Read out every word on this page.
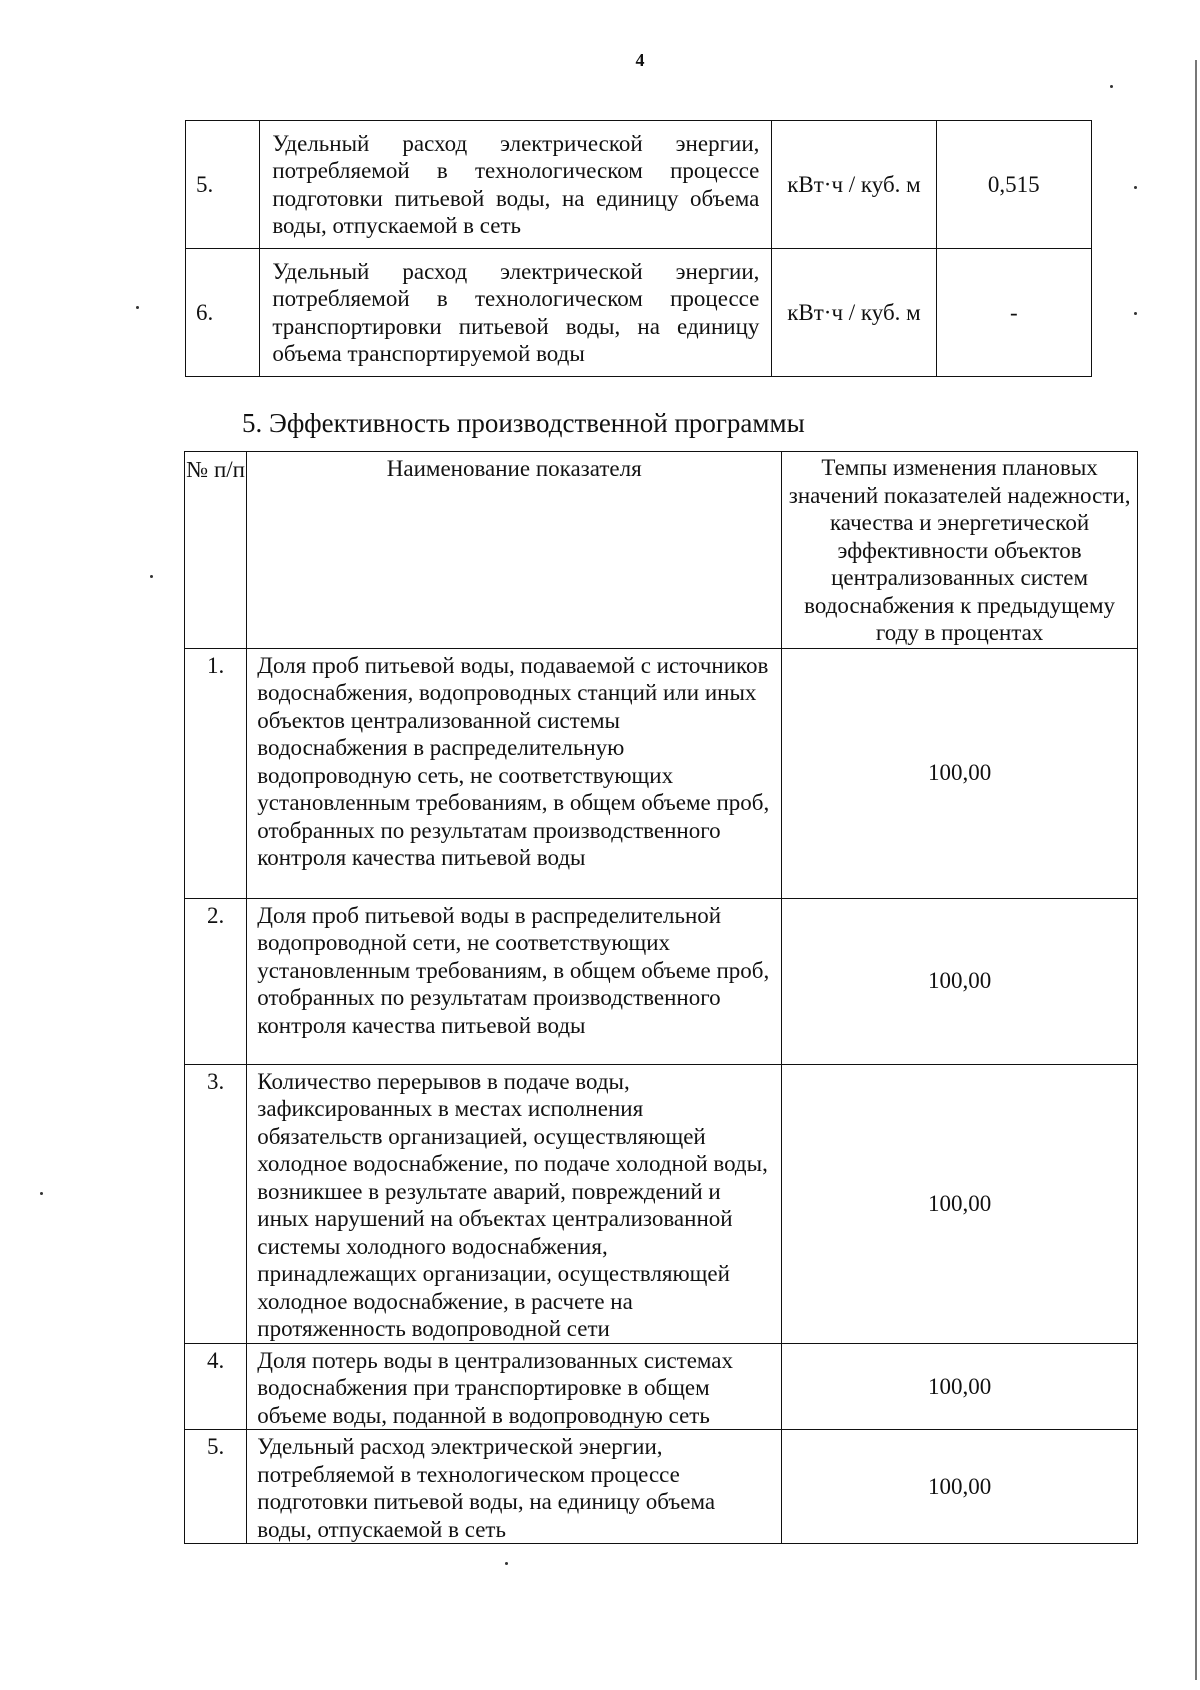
4
5.	Удельный расход электрической энергии, потребляемой в технологическом процессе подготовки питьевой воды, на единицу объема воды, отпускаемой в сеть	кВт·ч / куб. м	0,515
6.	Удельный расход электрической энергии, потребляемой в технологическом процессе транспортировки питьевой воды, на единицу объема транспортируемой воды	кВт·ч / куб. м	-
5. Эффективность производственной программы
№ п/п	Наименование показателя	Темпы изменения плановых значений показателей надежности, качества и энергетической эффективности объектов централизованных систем водоснабжения к предыдущему году в процентах
1.	Доля проб питьевой воды, подаваемой с источников водоснабжения, водопроводных станций или иных объектов централизованной системы водоснабжения в распределительную водопроводную сеть, не соответствующих установленным требованиям, в общем объеме проб, отобранных по результатам производственного контроля качества питьевой воды	100,00
2.	Доля проб питьевой воды в распределительной водопроводной сети, не соответствующих установленным требованиям, в общем объеме проб, отобранных по результатам производственного контроля качества питьевой воды	100,00
3.	Количество перерывов в подаче воды, зафиксированных в местах исполнения обязательств организацией, осуществляющей холодное водоснабжение, по подаче холодной воды, возникшее в результате аварий, повреждений и иных нарушений на объектах централизованной системы холодного водоснабжения, принадлежащих организации, осуществляющей холодное водоснабжение, в расчете на протяженность водопроводной сети	100,00
4.	Доля потерь воды в централизованных системах водоснабжения при транспортировке в общем объеме воды, поданной в водопроводную сеть	100,00
5.	Удельный расход электрической энергии, потребляемой в технологическом процессе подготовки питьевой воды, на единицу объема воды, отпускаемой в сеть	100,00
